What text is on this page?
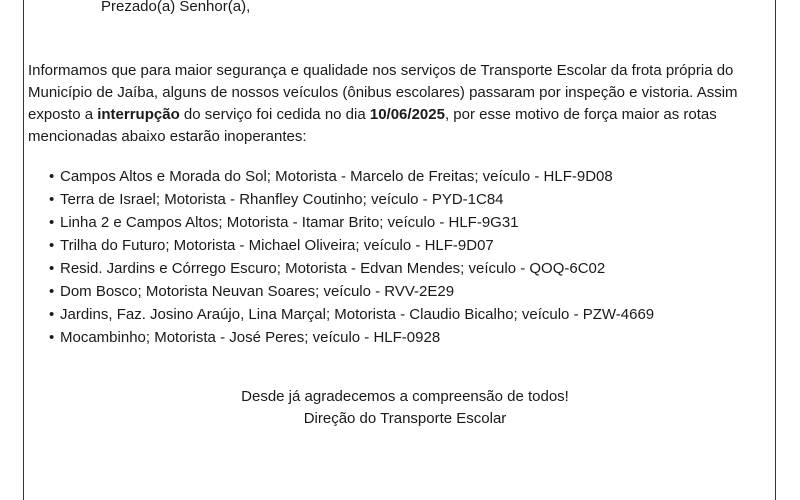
Prezado(a) Senhor(a),

Informamos que para maior segurança e qualidade nos serviços de Transporte Escolar da frota própria do Município de Jaíba, alguns de nossos veículos (ônibus escolares) passaram por inspeção e vistoria. Assim exposto a interrupção do serviço foi cedida no dia 10/06/2025, por esse motivo de força maior as rotas mencionadas abaixo estarão inoperantes:

• Campos Altos e Morada do Sol; Motorista - Marcelo de Freitas; veículo - HLF-9D08
• Terra de Israel; Motorista - Rhanfley Coutinho; veículo - PYD-1C84
• Linha 2 e Campos Altos; Motorista - Itamar Brito; veículo - HLF-9G31
• Trilha do Futuro; Motorista - Michael Oliveira; veículo - HLF-9D07
• Resid. Jardins e Córrego Escuro; Motorista - Edvan Mendes; veículo - QOQ-6C02
• Dom Bosco; Motorista Neuvan Soares; veículo - RVV-2E29
• Jardins, Faz. Josino Araújo, Lina Marçal; Motorista - Claudio Bicalho; veículo - PZW-4669
• Mocambinho; Motorista - José Peres; veículo - HLF-0928
Desde já agradecemos a compreensão de todos!
Direção do Transporte Escolar
